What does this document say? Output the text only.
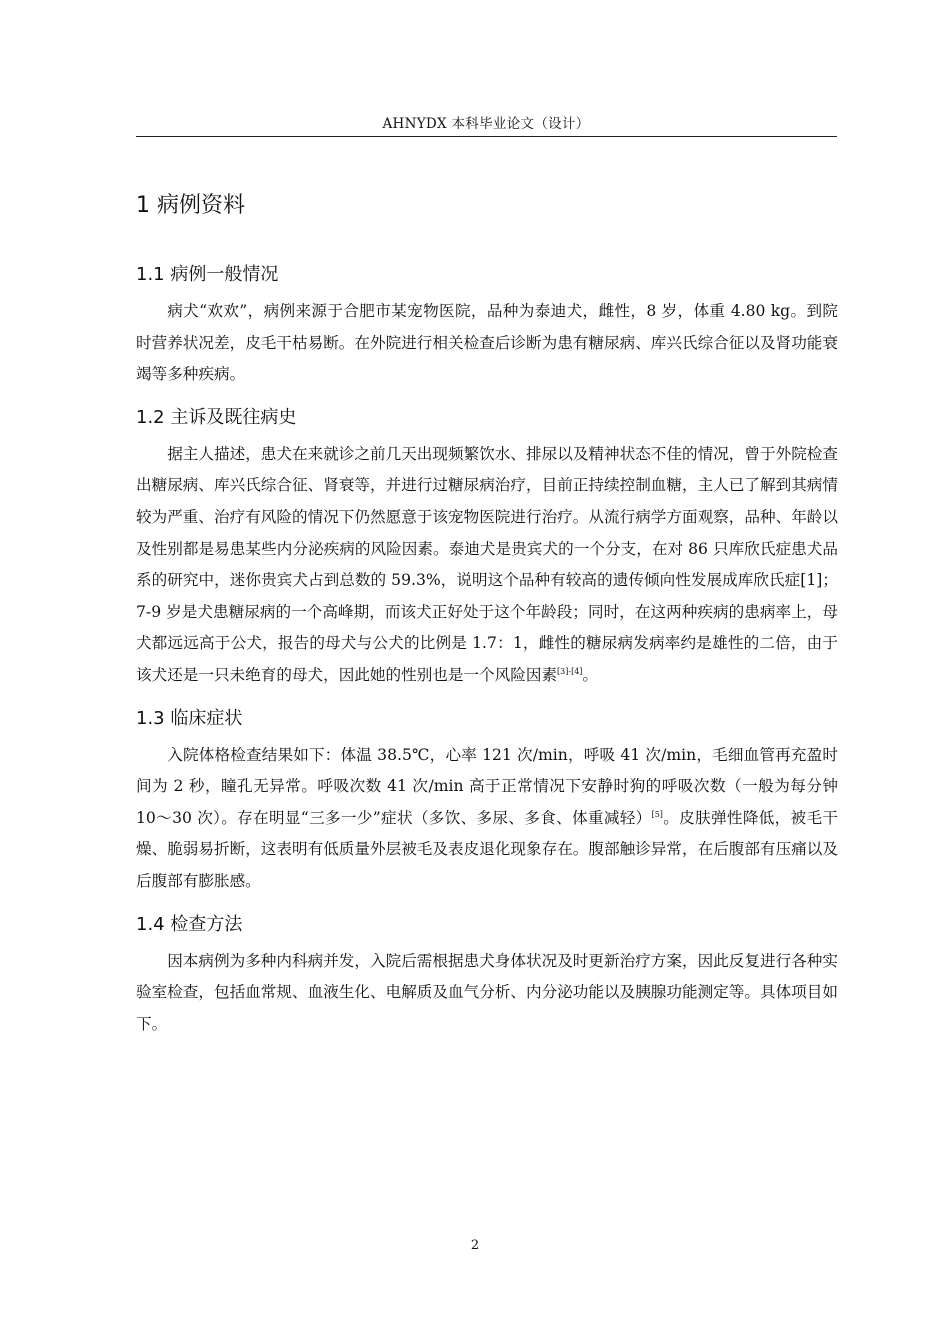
AHNYDX 本科毕业论文（设计）
1 病例资料
1.1 病例一般情况

病犬“欢欢”，病例来源于合肥市某宠物医院，品种为泰迪犬，雌性，8 岁，体重 4.80 kg。到院时营养状况差，皮毛干枯易断。在外院进行相关检查后诊断为患有糖尿病、库兴氏综合征以及肾功能衰竭等多种疾病。

1.2 主诉及既往病史

据主人描述，患犬在来就诊之前几天出现频繁饮水、排尿以及精神状态不佳的情况，曾于外院检查出糖尿病、库兴氏综合征、肾衰等，并进行过糖尿病治疗，目前正持续控制血糖，主人已了解到其病情较为严重、治疗有风险的情况下仍然愿意于该宠物医院进行治疗。从流行病学方面观察，品种、年龄以及性别都是易患某些内分泌疾病的风险因素。泰迪犬是贵宾犬的一个分支，在对 86 只库欣氏症患犬品系的研究中，迷你贵宾犬占到总数的 59.3%，说明这个品种有较高的遗传倾向性发展成库欣氏症[1]；7-9 岁是犬患糖尿病的一个高峰期，而该犬正好处于这个年龄段；同时，在这两种疾病的患病率上，母犬都远远高于公犬，报告的母犬与公犬的比例是 1.7：1，雌性的糖尿病发病率约是雄性的二倍，由于该犬还是一只未绝育的母犬，因此她的性别也是一个风险因素[3]-[4]。

1.3 临床症状

入院体格检查结果如下：体温 38.5℃，心率 121 次/min，呼吸 41 次/min，毛细血管再充盈时间为 2 秒，瞳孔无异常。呼吸次数 41 次/min 高于正常情况下安静时狗的呼吸次数（一般为每分钟 10～30 次）。存在明显“三多一少”症状（多饮、多尿、多食、体重减轻）[5]。皮肤弹性降低，被毛干燥、脆弱易折断，这表明有低质量外层被毛及表皮退化现象存在。腹部触诊异常，在后腹部有压痛以及后腹部有膨胀感。

1.4 检查方法

因本病例为多种内科病并发，入院后需根据患犬身体状况及时更新治疗方案，因此反复进行各种实验室检查，包括血常规、血液生化、电解质及血气分析、内分泌功能以及胰腺功能测定等。具体项目如下。

2
